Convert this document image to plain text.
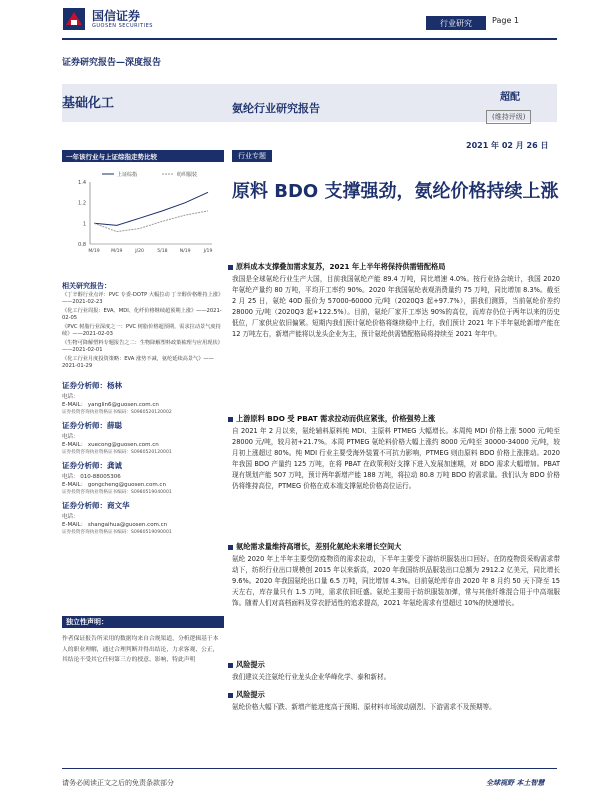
国信证券
GUOSEN SECURITIES	行业研究	Page 1
证券研究报告—深度报告
基础化工	氨纶行业研究报告
超配
(维持评级)
2021 年 02 月 26 日
一年该行业与上证综指走势比较
上证综指	纺织服装
1.4
1.2
1
0.8
M/19 M/19	J/20	5/18	N/19	J/19
相关研究报告：
《丁辛醇行业点评：PVC 专委-DOTP 大幅拉动 丁辛醇价格维持上涨》——2021-02-23
《化工行业周报：EVA、MDI、化纤价格继续超预期上涨》——2021-02-05
《PVC 树脂行业深度之一：PVC 树脂价格超预期，需求拉动景气度持续》——2021-02-03
《生物可降解塑料专题报告之二：生物降解塑料政策梳理与应用现状》——2021-02-01
《化工行业月度投资策略：EVA 涨势不减，氨纶延续高景气》——2021-01-29
证券分析师：杨林
电话：
E-MAIL： yanglin6@guosen.com.cn
证券投资咨询执业资格证书编码：S0980520120002
证券分析师：薛聪
电话：
E-MAIL： xuecong@guosen.com.cn
证券投资咨询执业资格证书编码：S0980520120001
证券分析师：龚诚
电话： 010-88005306
E-MAIL： gongcheng@guosen.com.cn
证券投资咨询执业资格证书编码：S0980519040001
证券分析师：商文华
电话：
E-MAIL： shangaihua@guosen.com.cn
证券投资咨询执业资格证书编码：S0980519090001
独立性声明：
作者保证报告所采用的数据均来自合规渠道，分析逻辑基于本人的职业理解，通过合理判断并得出结论，力求客观、公正，其结论不受其它任何第三方的授意、影响，特此声明
行业专题
原料 BDO 支撑强劲，氨纶价格持续上涨
原料成本支撑叠加需求复苏，2021 年上半年将保持供需错配格局
我国是全球氨纶行业生产大国，目前我国氨纶产能 89.4 万吨，同比增速 4.0%。按行业协会统计，我国 2020 年氨纶产量约 80 万吨，平均开工率约 90%。2020 年我国氨纶表观消费量约 75 万吨，同比增加 8.3%。截至 2 月 25 日，氨纶 40D 报价为 57000-60000 元/吨（2020Q3 起+97.7%），据我们测算，当前氨纶价差约 28000 元/吨（2020Q3 起+122.5%）。目前，氨纶厂家开工率达 90%的高位，而库存仍位于两年以来的历史低位，厂家供应依旧偏紧。短期内我们预计氨纶价格将继续稳中上行，我们预计 2021 年下半年氨纶新增产能在 12 万吨左右，新增产能将以龙头企业为主，预计氨纶供需错配格局将持续至 2021 年年中。
上游原料 BDO 受 PBAT 需求拉动而供应紧张，价格强势上涨
自 2021 年 2 月以来，氨纶辅料原料纯 MDI、主原料 PTMEG 大幅增长。本周纯 MDI 价格上涨 5000 元/吨至 28000 元/吨，较月初+21.7%。本周 PTMEG 氨纶料价格大幅上涨约 8000 元/吨至 30000-34000 元/吨，较月初上涨超过 80%。纯 MDI 行业主要受海外装置不可抗力影响，PTMEG 则由原料 BDO 价格上涨推动。2020 年我国 BDO 产量约 125 万吨，在将 PBAT 在政策利好支撑下进入发展加速期，对 BDO 需求大幅增加。PBAT 现有规划产能 507 万吨，预计两年新增产能 188 万吨，将拉动 80.8 万吨 BDO 的需求量。我们认为 BDO 价格仍将维持高位，PTMEG 价格在成本端支撑氨纶价格高位运行。
氨纶需求量维持高增长，差别化氨纶未来增长空间大
氨纶 2020 年上半年主要受防疫物资的需求拉动，下半年主要受下游纺织服装出口回好。在防疫物资采购需求带动下，纺织行业出口规模创 2015 年以来新高，2020 年我国纺织品服装出口总额为 2912.2 亿美元，同比增长 9.6%。2020 年我国氨纶出口量 6.5 万吨，同比增加 4.3%。目前氨纶库存由 2020 年 8 月约 50 天下降至 15 天左右，库存量只有 1.5 万吨，需求依旧旺盛。氨纶主要用于纺织服装加弹，常与其他纤维混合用于中高端服饰。随着人们对高档面料及穿衣舒适性的追求提高，2021 年氨纶需求有望超过 10%的快速增长。
风险提示
我们建议关注氨纶行业龙头企业华峰化学、泰和新材。
风险提示
氨纶价格大幅下跌、新增产能进度高于预期、原材料市场波动剧烈、下游需求不及预期等。
请务必阅读正文之后的免责条款部分	全球视野 本土智慧
